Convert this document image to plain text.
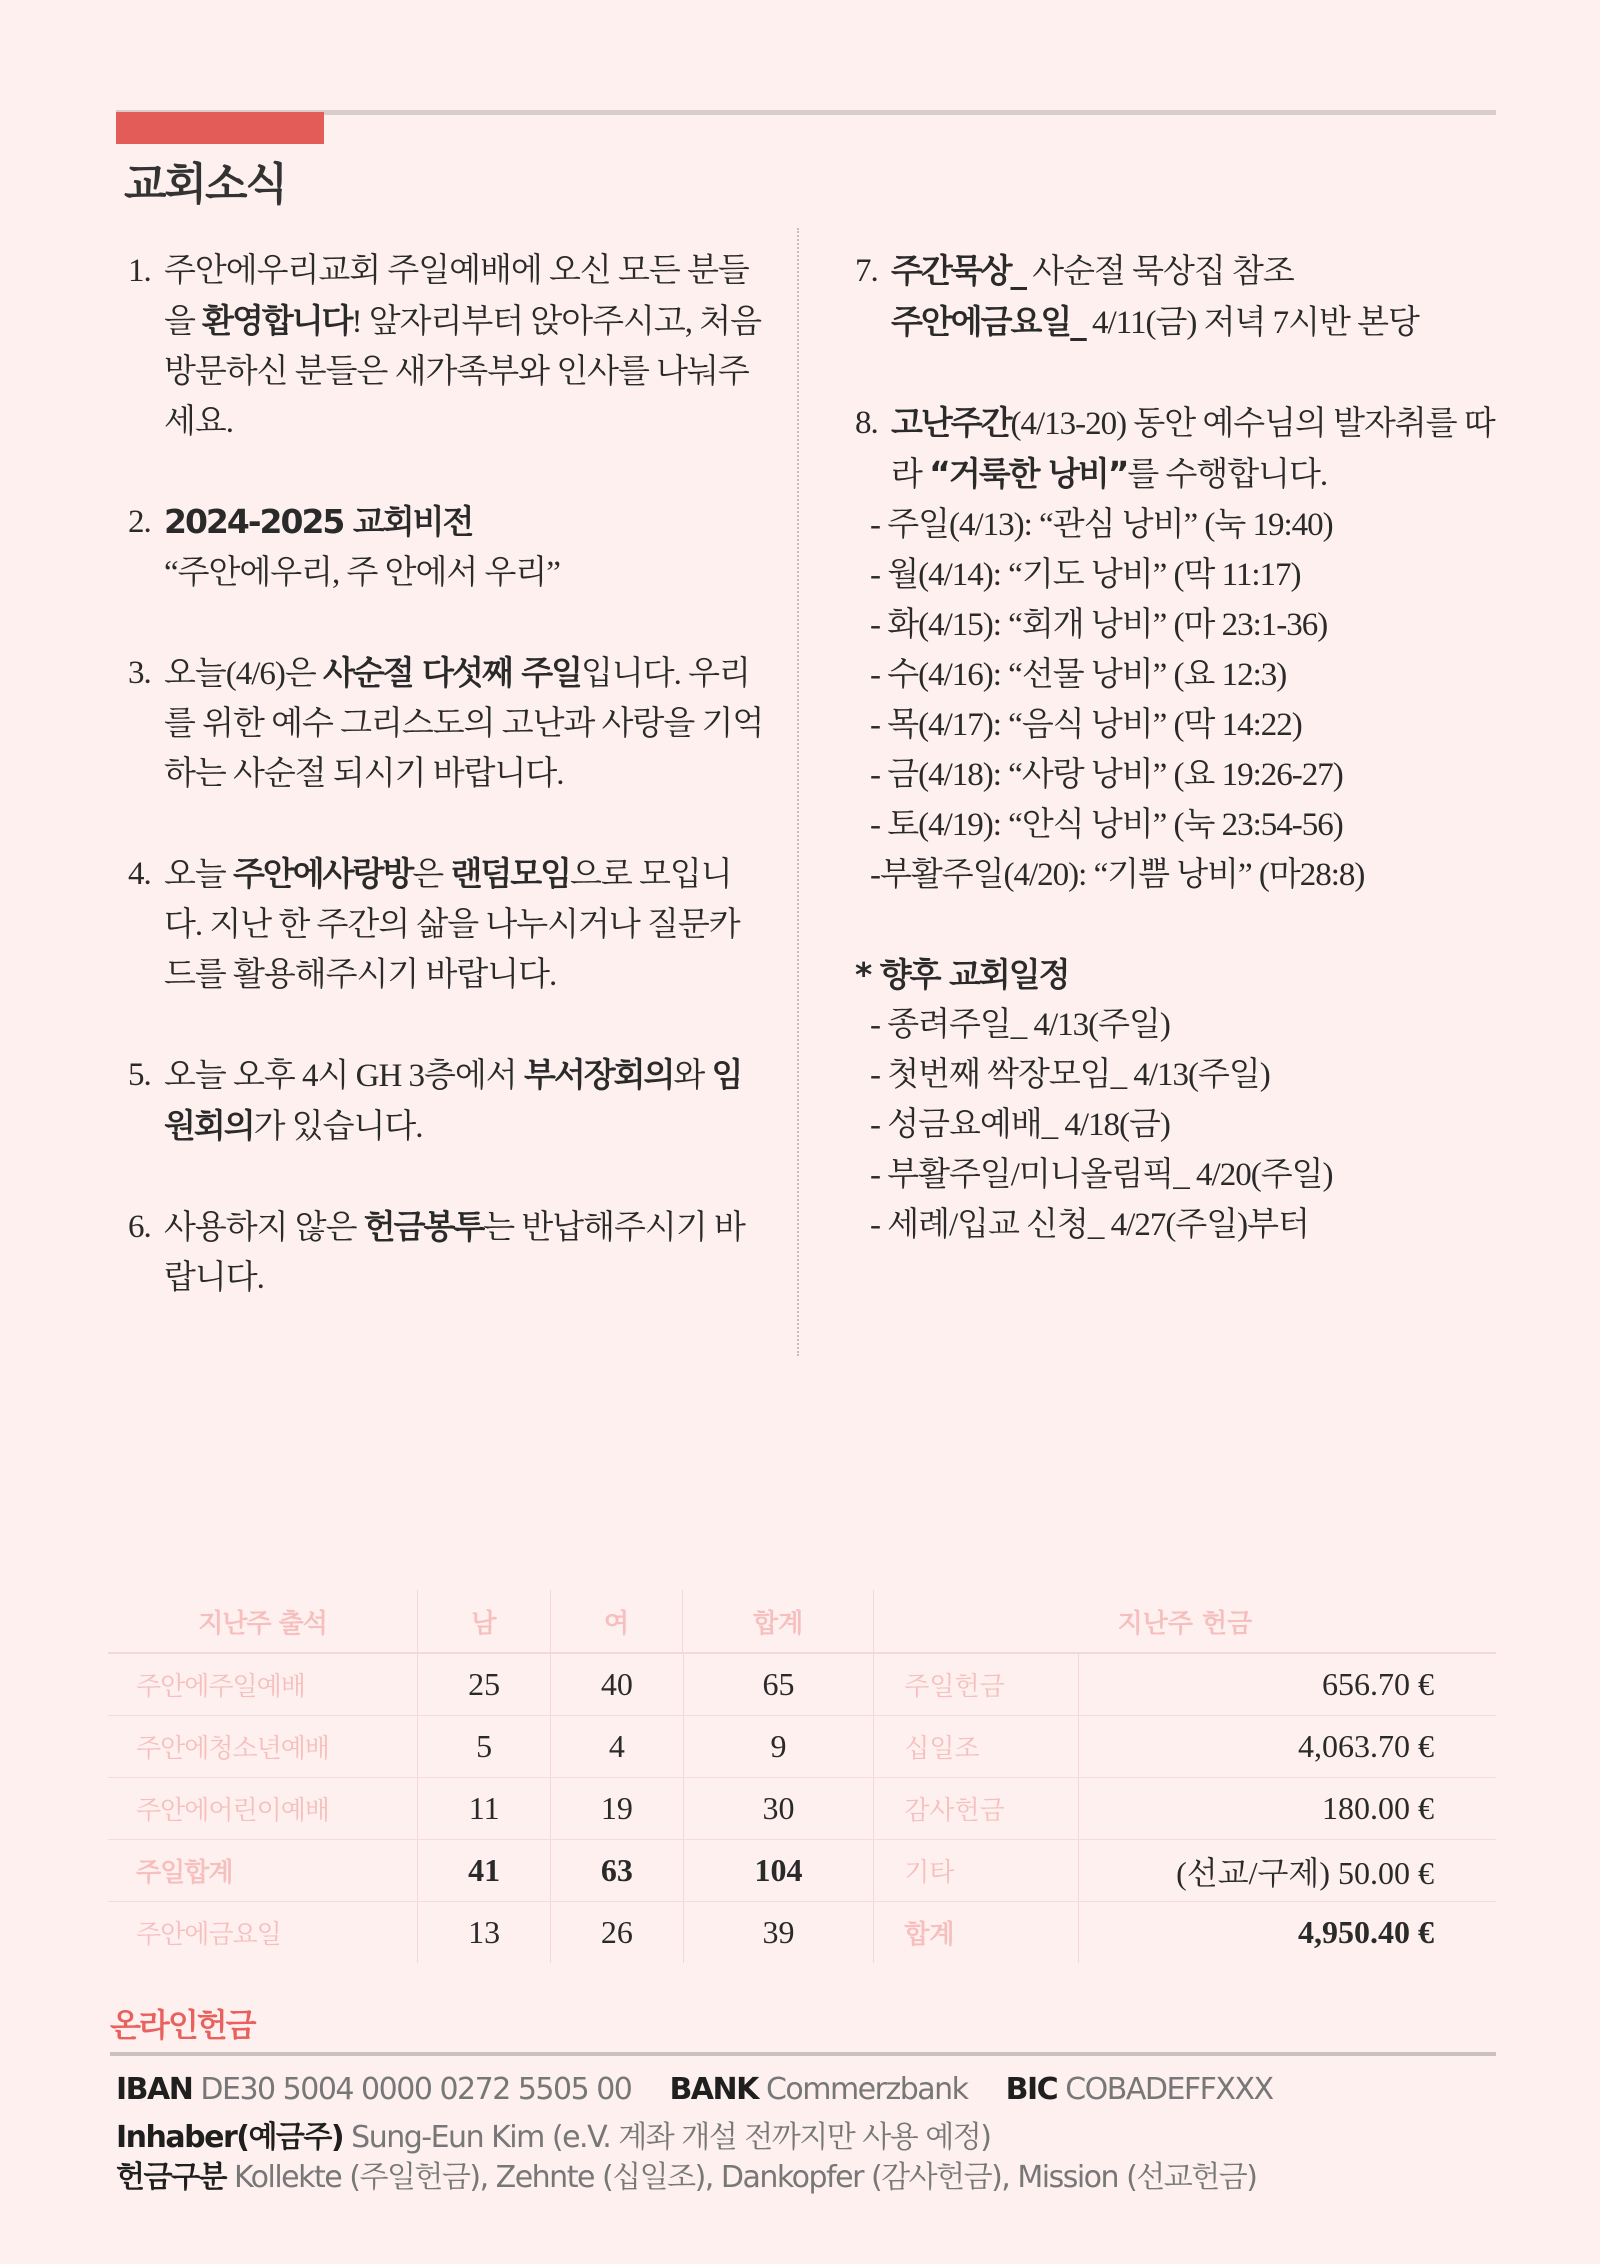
교회소식
1. 주안에우리교회 주일예배에 오신 모든 분들을 환영합니다! 앞자리부터 앉아주시고, 처음 방문하신 분들은 새가족부와 인사를 나눠주세요.

2. 2024-2025 교회비전
“주안에우리, 주 안에서 우리”

3. 오늘(4/6)은 사순절 다섯째 주일입니다. 우리를 위한 예수 그리스도의 고난과 사랑을 기억하는 사순절 되시기 바랍니다.

4. 오늘 주안에사랑방은 랜덤모임으로 모입니다. 지난 한 주간의 삶을 나누시거나 질문카드를 활용해주시기 바랍니다.

5. 오늘 오후 4시 GH 3층에서 부서장회의와 임원회의가 있습니다.

6. 사용하지 않은 헌금봉투는 반납해주시기 바랍니다.

7. 주간묵상_ 사순절 묵상집 참조

주안에금요일_ 4/11(금) 저녁 7시반 본당

8. 고난주간(4/13-20) 동안 예수님의 발자취를 따라 “거룩한 낭비”를 수행합니다.

- 주일(4/13): “관심 낭비” (눅 19:40)
- 월(4/14): “기도 낭비” (막 11:17)
- 화(4/15): “회개 낭비” (마 23:1-36)
- 수(4/16): “선물 낭비” (요 12:3)
- 목(4/17): “음식 낭비” (막 14:22)
- 금(4/18): “사랑 낭비” (요 19:26-27)
- 토(4/19): “안식 낭비” (눅 23:54-56)
-부활주일(4/20): “기쁨 낭비” (마28:8)

* 향후 교회일정

- 종려주일_ 4/13(주일)
- 첫번째 싹장모임_ 4/13(주일)
- 성금요예배_ 4/18(금)
- 부활주일/미니올림픽_ 4/20(주일)
- 세례/입교 신청_ 4/27(주일)부터
지난주 출석	남	여	합계	지난주 헌금
주안에주일예배	25	40	65	주일헌금	656.70 €
주안에청소년예배	5	4	9	십일조	4,063.70 €
주안에어린이예배	11	19	30	감사헌금	180.00 €
주일합계	41	63	104	기타	(선교/구제) 50.00 €
주안에금요일	13	26	39	합계	4,950.40 €
온라인헌금
IBAN DE30 5004 0000 0272 5505 00 BANK Commerzbank BIC COBADEFFXXX
Inhaber(예금주) Sung-Eun Kim (e.V. 계좌 개설 전까지만 사용 예정)
헌금구분 Kollekte (주일헌금), Zehnte (십일조), Dankopfer (감사헌금), Mission (선교헌금)
